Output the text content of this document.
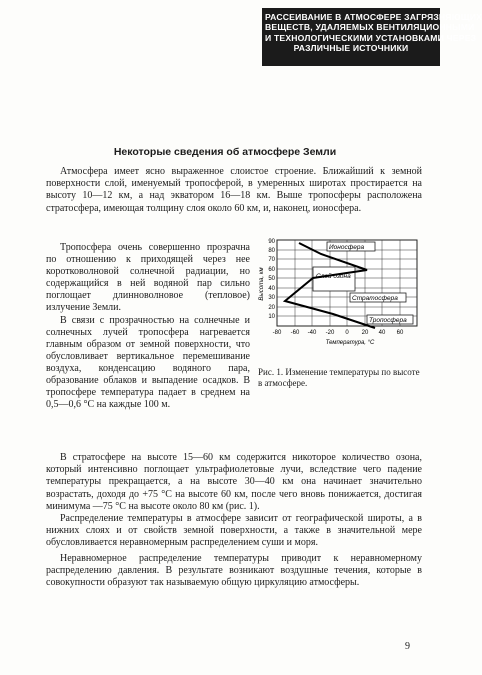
РАССЕИВАНИЕ В АТМОСФЕРЕ ЗАГРЯЗНЯЮЩИХ
ВЕЩЕСТВ, УДАЛЯЕМЫХ ВЕНТИЛЯЦИОННЫМИ
И ТЕХНОЛОГИЧЕСКИМИ УСТАНОВКАМИ ЧЕРЕЗ
РАЗЛИЧНЫЕ ИСТОЧНИКИ
Некоторые сведения об атмосфере Земли

Атмосфера имеет ясно выраженное слоистое строение. Ближайший к земной поверхности слой, именуемый тропосферой, в умеренных широтах простирается на высоту 10—12 км, а над экватором 16—18 км. Выше тропосферы расположена стратосфера, имеющая толщину слоя около 60 км, и, наконец, ионосфера.

Тропосфера очень совершенно прозрачна по отношению к приходящей через нее коротковолновой солнечной радиации, но содержащийся в ней водяной пар сильно поглощает длинноволновое (тепловое) излучение Земли.

В связи с прозрачностью на солнечные и солнечных лучей тропосфера нагревается главным образом от земной поверхности, что обусловливает вертикальное перемешивание воздуха, конденсацию водяного пара, образование облаков и выпадение осадков. В тропосфере температура падает в среднем на 0,5—0,6 °С на каждые 100 м.

Ионосфера
Слой озона
Стратосфера
Тропосфера
90
80
70
60
50
40
30
20
10
Высота, км
-80 -60 -40 -20 0 20 40 60
Температура, °С
Рис. 1. Изменение температуры по высоте в атмосфере.

В стратосфере на высоте 15—60 км содержится никоторое количество озона, который интенсивно поглощает ультрафиолетовые лучи, вследствие чего падение температуры прекращается, а на высоте 30—40 км она начинает значительно возрастать, доходя до +75 °С на высоте 60 км, после чего вновь понижается, достигая минимума —75 °С на высоте около 80 км (рис. 1).

Распределение температуры в атмосфере зависит от географической широты, а в нижних слоях и от свойств земной поверхности, а также в значительной мере обусловливается неравномерным распределением суши и моря.

Неравномерное распределение температуры приводит к неравномерному распределению давления. В результате возникают воздушные течения, которые в совокупности образуют так называемую общую циркуляцию атмосферы.

9
